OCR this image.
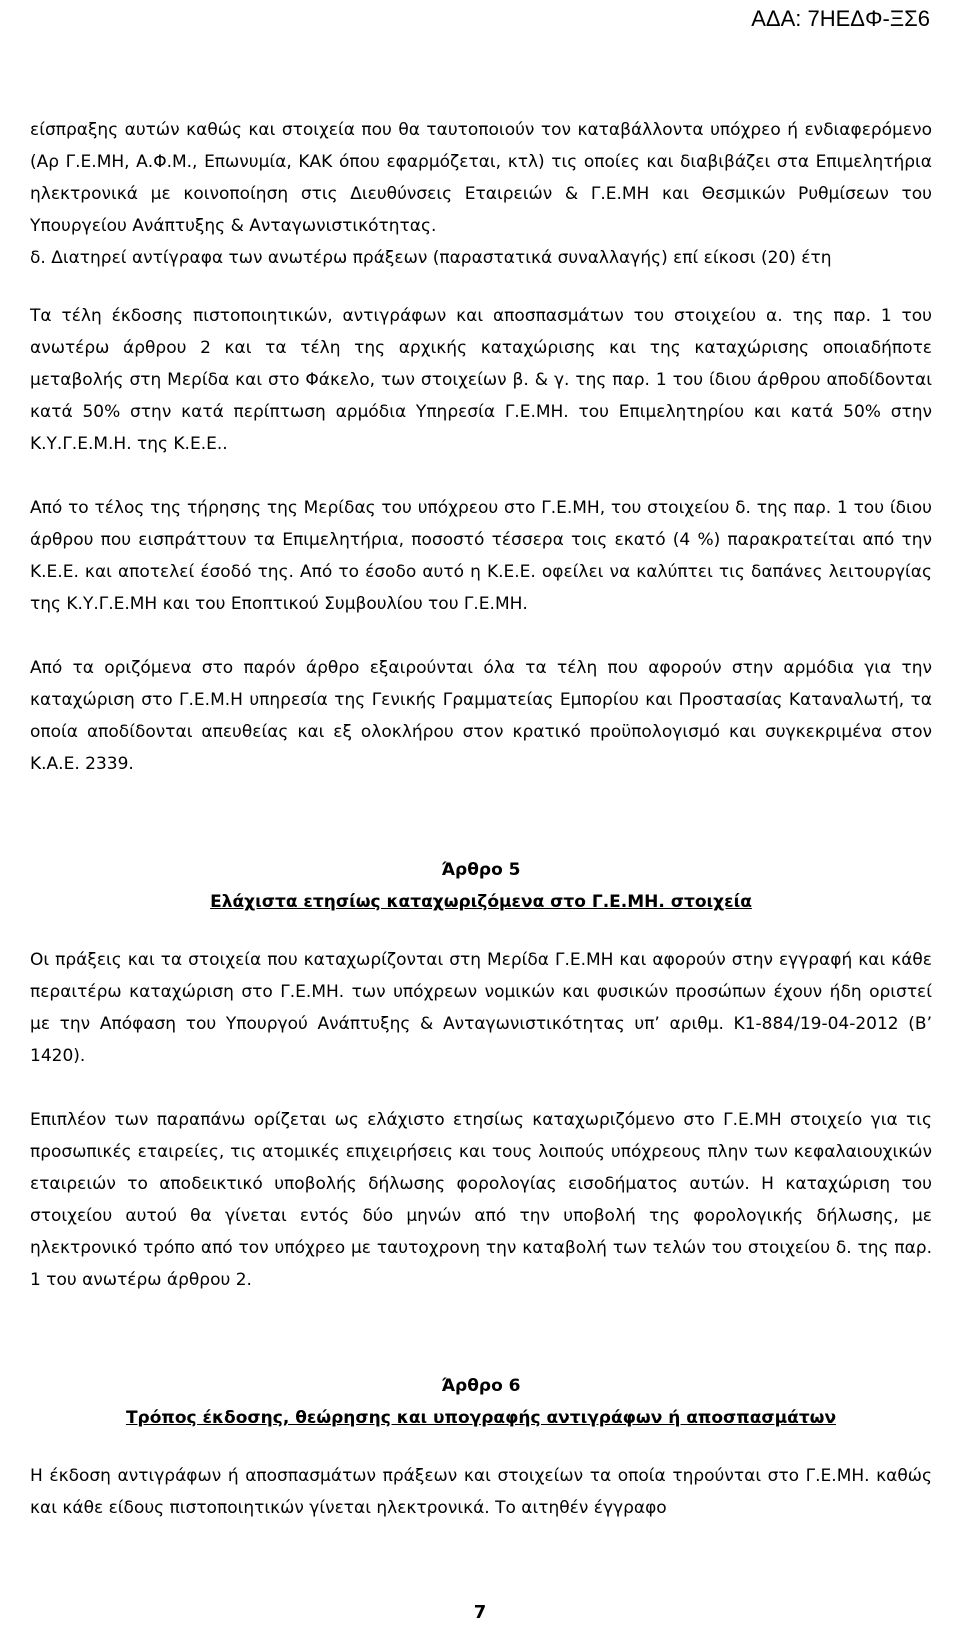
ΑΔΑ: 7ΗΕΔΦ-ΞΣ6

είσπραξης αυτών καθώς και στοιχεία που θα ταυτοποιούν τον καταβάλλοντα υπόχρεο ή ενδιαφερόμενο (Αρ Γ.Ε.ΜΗ, Α.Φ.Μ., Επωνυμία, ΚΑΚ όπου εφαρμόζεται, κτλ) τις οποίες και διαβιβάζει στα Επιμελητήρια ηλεκτρονικά με κοινοποίηση στις Διευθύνσεις Εταιρειών & Γ.Ε.ΜΗ και Θεσμικών Ρυθμίσεων του Υπουργείου Ανάπτυξης & Ανταγωνιστικότητας.

δ. Διατηρεί αντίγραφα των ανωτέρω πράξεων (παραστατικά συναλλαγής) επί είκοσι (20) έτη

Τα τέλη έκδοσης πιστοποιητικών, αντιγράφων και αποσπασμάτων του στοιχείου α. της παρ. 1 του ανωτέρω άρθρου 2 και τα τέλη της αρχικής καταχώρισης και της καταχώρισης οποιαδήποτε μεταβολής στη Μερίδα και στο Φάκελο, των στοιχείων β. & γ. της παρ. 1 του ίδιου άρθρου αποδίδονται κατά 50% στην κατά περίπτωση αρμόδια Υπηρεσία Γ.Ε.ΜΗ. του Επιμελητηρίου και κατά 50% στην Κ.Υ.Γ.Ε.Μ.Η. της Κ.Ε.Ε..

Από το τέλος της τήρησης της Μερίδας του υπόχρεου στο Γ.Ε.ΜΗ, του στοιχείου δ. της παρ. 1 του ίδιου άρθρου που εισπράττουν τα Επιμελητήρια, ποσοστό τέσσερα τοις εκατό (4 %) παρακρατείται από την Κ.Ε.Ε. και αποτελεί έσοδό της. Από το έσοδο αυτό η Κ.Ε.Ε. οφείλει να καλύπτει τις δαπάνες λειτουργίας της Κ.Υ.Γ.Ε.ΜΗ και του Εποπτικού Συμβουλίου του Γ.Ε.ΜΗ.

Από τα οριζόμενα στο παρόν άρθρο εξαιρούνται όλα τα τέλη που αφορούν στην αρμόδια για την καταχώριση στο Γ.Ε.Μ.Η υπηρεσία της Γενικής Γραμματείας Εμπορίου και Προστασίας Καταναλωτή, τα οποία αποδίδονται απευθείας και εξ ολοκλήρου στον κρατικό προϋπολογισμό και συγκεκριμένα στον Κ.Α.Ε. 2339.

Άρθρο 5

Ελάχιστα ετησίως καταχωριζόμενα στο Γ.Ε.ΜΗ. στοιχεία

Οι πράξεις και τα στοιχεία που καταχωρίζονται στη Μερίδα Γ.Ε.ΜΗ και αφορούν στην εγγραφή και κάθε περαιτέρω καταχώριση στο Γ.Ε.ΜΗ. των υπόχρεων νομικών και φυσικών προσώπων έχουν ήδη οριστεί με την Απόφαση του Υπουργού Ανάπτυξης & Ανταγωνιστικότητας υπ’ αριθμ. Κ1-884/19-04-2012 (Β’ 1420).

Επιπλέον των παραπάνω ορίζεται ως ελάχιστο ετησίως καταχωριζόμενο στο Γ.Ε.ΜΗ στοιχείο για τις προσωπικές εταιρείες, τις ατομικές επιχειρήσεις και τους λοιπούς υπόχρεους πλην των κεφαλαιουχικών εταιρειών το αποδεικτικό υποβολής δήλωσης φορολογίας εισοδήματος αυτών. Η καταχώριση του στοιχείου αυτού θα γίνεται εντός δύο μηνών από την υποβολή της φορολογικής δήλωσης, με ηλεκτρονικό τρόπο από τον υπόχρεο με ταυτοχρονη την καταβολή των τελών του στοιχείου δ. της παρ. 1 του ανωτέρω άρθρου 2.

Άρθρο 6

Τρόπος έκδοσης, θεώρησης και υπογραφής αντιγράφων ή αποσπασμάτων

Η έκδοση αντιγράφων ή αποσπασμάτων πράξεων και στοιχείων τα οποία τηρούνται στο Γ.Ε.ΜΗ. καθώς και κάθε είδους πιστοποιητικών γίνεται ηλεκτρονικά. Το αιτηθέν έγγραφο

7
